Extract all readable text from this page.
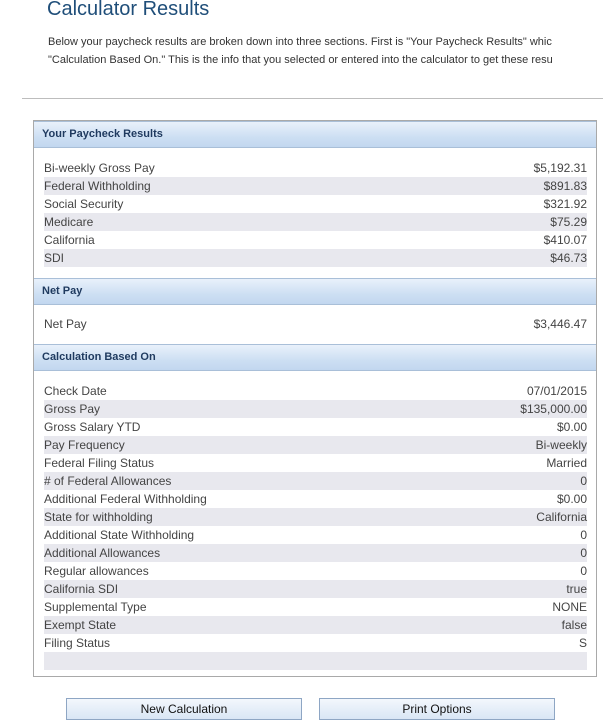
Calculator Results
Below your paycheck results are broken down into three sections. First is "Your Paycheck Results" whic
"Calculation Based On." This is the info that you selected or entered into the calculator to get these resu
Your Paycheck Results
Bi-weekly Gross Pay	$5,192.31
Federal Withholding	$891.83
Social Security	$321.92
Medicare	$75.29
California	$410.07
SDI	$46.73
Net Pay
Net Pay	$3,446.47
Calculation Based On
Check Date	07/01/2015
Gross Pay	$135,000.00
Gross Salary YTD	$0.00
Pay Frequency	Bi-weekly
Federal Filing Status	Married
# of Federal Allowances	0
Additional Federal Withholding	$0.00
State for withholding	California
Additional State Withholding	0
Additional Allowances	0
Regular allowances	0
California SDI	true
Supplemental Type	NONE
Exempt State	false
Filing Status	S
New Calculation	Print Options
